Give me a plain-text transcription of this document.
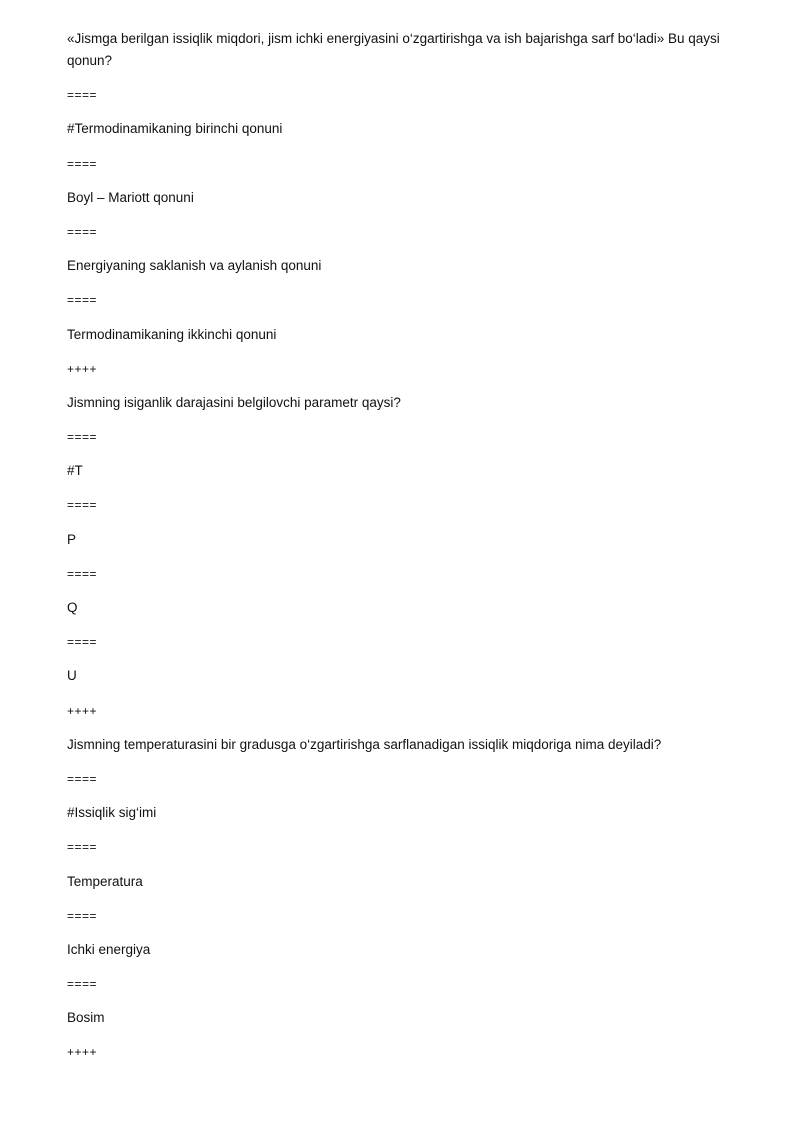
«Jismga berilgan issiqlik miqdori, jism ichki energiyasini o‘zgartirishga va ish bajarishga sarf bo‘ladi» Bu qaysi qonun?

====

#Termodinamikaning birinchi qonuni

====

Boyl – Mariott qonuni

====

Energiyaning saklanish va aylanish qonuni

====

Termodinamikaning ikkinchi qonuni

++++

Jismning isiganlik darajasini belgilovchi parametr qaysi?

====

#T

====

P

====

Q

====

U

++++

Jismning temperaturasini bir gradusga o‘zgartirishga sarflanadigan issiqlik miqdoriga nima deyiladi?

====

#Issiqlik sig‘imi

====

Temperatura

====

Ichki energiya

====

Bosim

++++
